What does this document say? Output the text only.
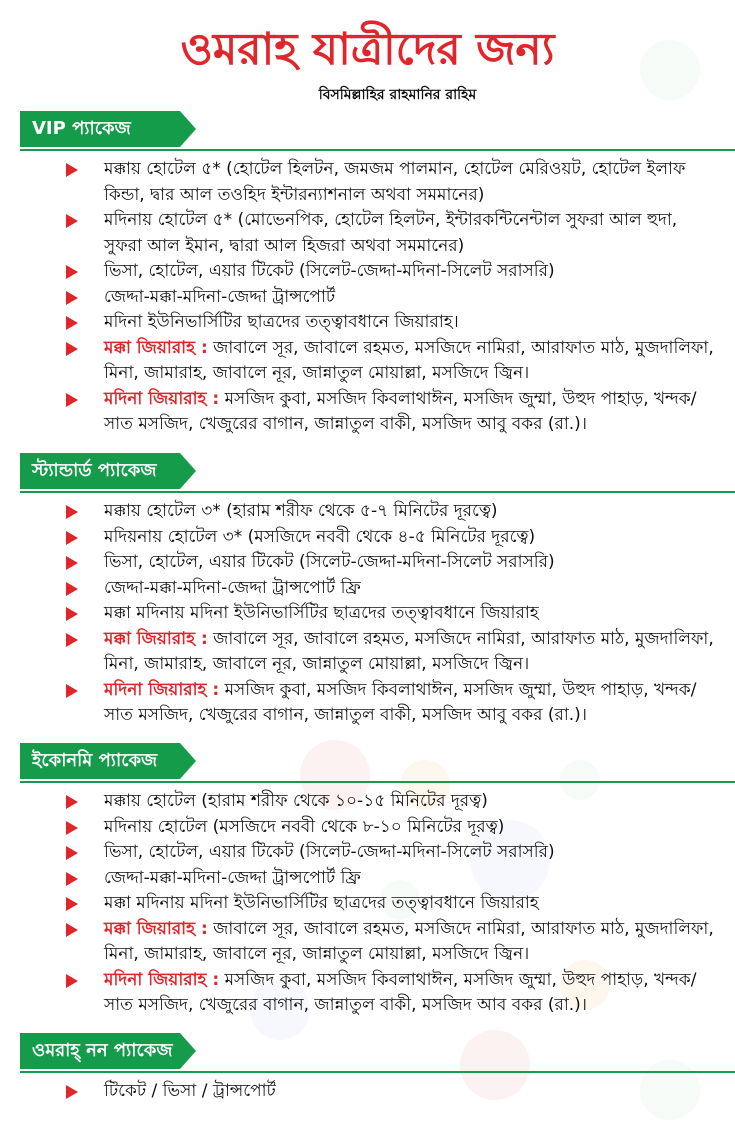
ওমরাহ যাত্রীদের জন্য
বিসমিল্লাহির রাহমানির রাহিম
VIP প্যাকেজ
মক্কায় হোটেল ৫* (হোটেল হিলটন, জমজম পালমান, হোটেল মেরিওয়ট, হোটেল ইলাফ কিন্ডা, দ্বার আল তওহিদ ইন্টারন্যাশনাল অথবা সমমানের)
মদিনায় হোটেল ৫* (মোভেনপিক, হোটেল হিলটন, ইন্টারকন্টিনেন্টাল সুফরা আল হুদা, সুফরা আল ইমান, দ্বারা আল হিজরা অথবা সমমানের)
ভিসা, হোটেল, এয়ার টিকেট (সিলেট-জেদ্দা-মদিনা-সিলেট সরাসরি)
জেদ্দা-মক্কা-মদিনা-জেদ্দা ট্রান্সপোর্ট
মদিনা ইউনিভার্সিটির ছাত্রদের তত্ত্বাবধানে জিয়ারাহ।
মক্কা জিয়ারাহ : জাবালে সূর, জাবালে রহমত, মসজিদে নামিরা, আরাফাত মাঠ, মুজদালিফা, মিনা, জামারাহ, জাবালে নূর, জান্নাতুল মোয়াল্লা, মসজিদে জ্বিন।
মদিনা জিয়ারাহ : মসজিদ কুবা, মসজিদ কিবলাথাঈন, মসজিদ জুম্মা, উহুদ পাহাড়, খন্দক/সাত মসজিদ, খেজুরের বাগান, জান্নাতুল বাকী, মসজিদ আবু বকর (রা.)।
স্ট্যান্ডার্ড প্যাকেজ
মক্কায় হোটেল ৩* (হারাম শরীফ থেকে ৫-৭ মিনিটের দূরত্বে)
মদিয়নায় হোটেল ৩* (মসজিদে নববী থেকে ৪-৫ মিনিটের দূরত্বে)
ভিসা, হোটেল, এয়ার টিকেট (সিলেট-জেদ্দা-মদিনা-সিলেট সরাসরি)
জেদ্দা-মক্কা-মদিনা-জেদ্দা ট্রান্সপোর্ট ফ্রি
মক্কা মদিনায় মদিনা ইউনিভার্সিটির ছাত্রদের তত্ত্বাবধানে জিয়ারাহ
মক্কা জিয়ারাহ : জাবালে সূর, জাবালে রহমত, মসজিদে নামিরা, আরাফাত মাঠ, মুজদালিফা, মিনা, জামারাহ, জাবালে নূর, জান্নাতুল মোয়াল্লা, মসজিদে জ্বিন।
মদিনা জিয়ারাহ : মসজিদ কুবা, মসজিদ কিবলাথাঈন, মসজিদ জুম্মা, উহুদ পাহাড়, খন্দক/সাত মসজিদ, খেজুরের বাগান, জান্নাতুল বাকী, মসজিদ আবু বকর (রা.)।
ইকোনমি প্যাকেজ
মক্কায় হোটেল (হারাম শরীফ থেকে ১০-১৫ মিনিটের দূরত্ব)
মদিনায় হোটেল (মসজিদে নববী থেকে ৮-১০ মিনিটের দূরত্ব)
ভিসা, হোটেল, এয়ার টিকেট (সিলেট-জেদ্দা-মদিনা-সিলেট সরাসরি)
জেদ্দা-মক্কা-মদিনা-জেদ্দা ট্রান্সপোর্ট ফ্রি
মক্কা মদিনায় মদিনা ইউনিভার্সিটির ছাত্রদের তত্ত্বাবধানে জিয়ারাহ
মক্কা জিয়ারাহ : জাবালে সূর, জাবালে রহমত, মসজিদে নামিরা, আরাফাত মাঠ, মুজদালিফা, মিনা, জামারাহ, জাবালে নূর, জান্নাতুল মোয়াল্লা, মসজিদে জ্বিন।
মদিনা জিয়ারাহ : মসজিদ কুবা, মসজিদ কিবলাথাঈন, মসজিদ জুম্মা, উহুদ পাহাড়, খন্দক/সাত মসজিদ, খেজুরের বাগান, জান্নাতুল বাকী, মসজিদ আব বকর (রা.)।
ওমরাহ্ নন প্যাকেজ
টিকেট / ভিসা / ট্রান্সপোর্ট
